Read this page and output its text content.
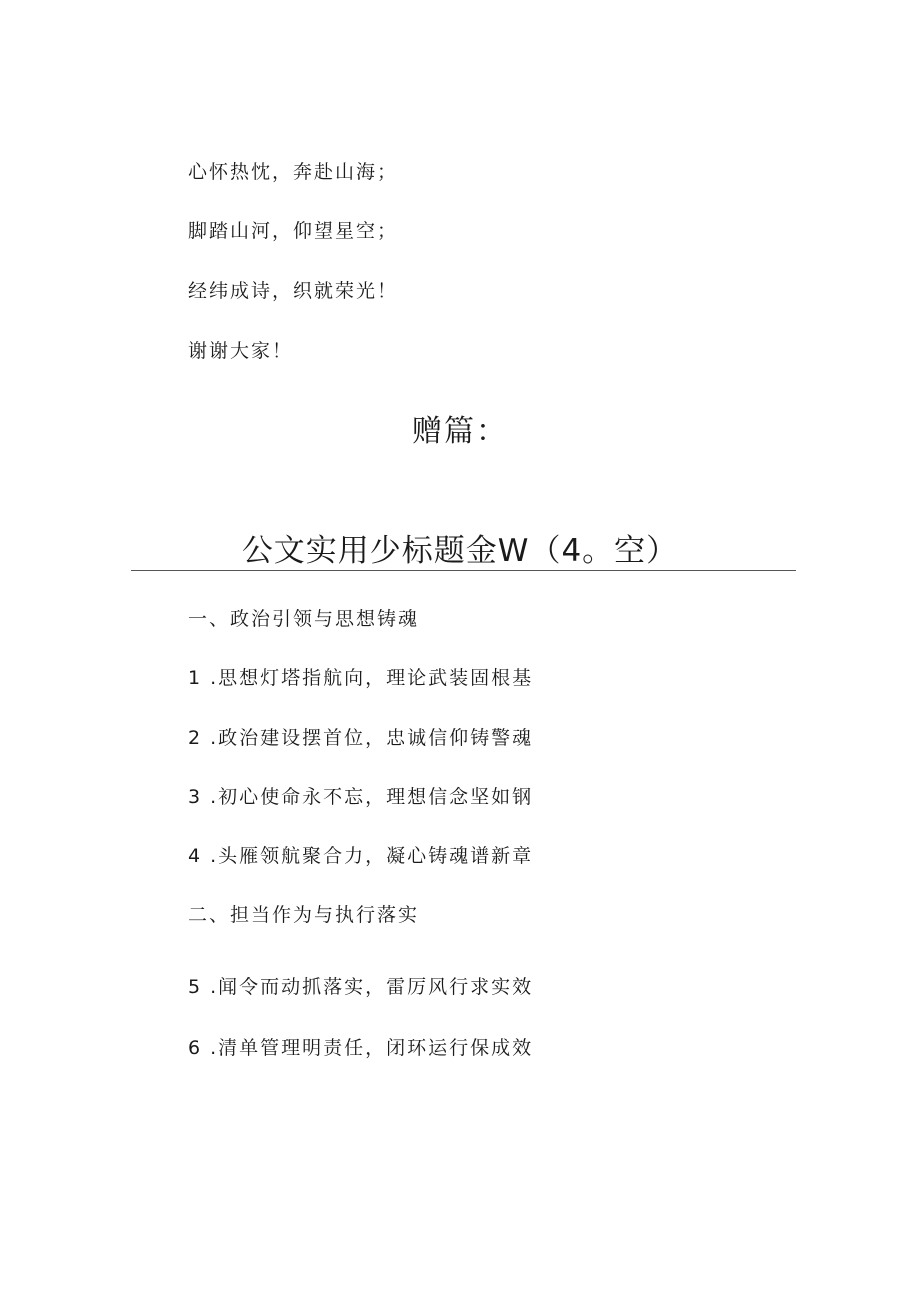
心怀热忱，奔赴山海；
脚踏山河，仰望星空；
经纬成诗，织就荣光！
谢谢大家！
赠篇：
公文实用少标题金W（4。空）
一、政治引领与思想铸魂
1 .思想灯塔指航向，理论武装固根基
2 .政治建设摆首位，忠诚信仰铸警魂
3 .初心使命永不忘，理想信念坚如钢
4 .头雁领航聚合力，凝心铸魂谱新章
二、担当作为与执行落实
5 .闻令而动抓落实，雷厉风行求实效
6 .清单管理明责任，闭环运行保成效
